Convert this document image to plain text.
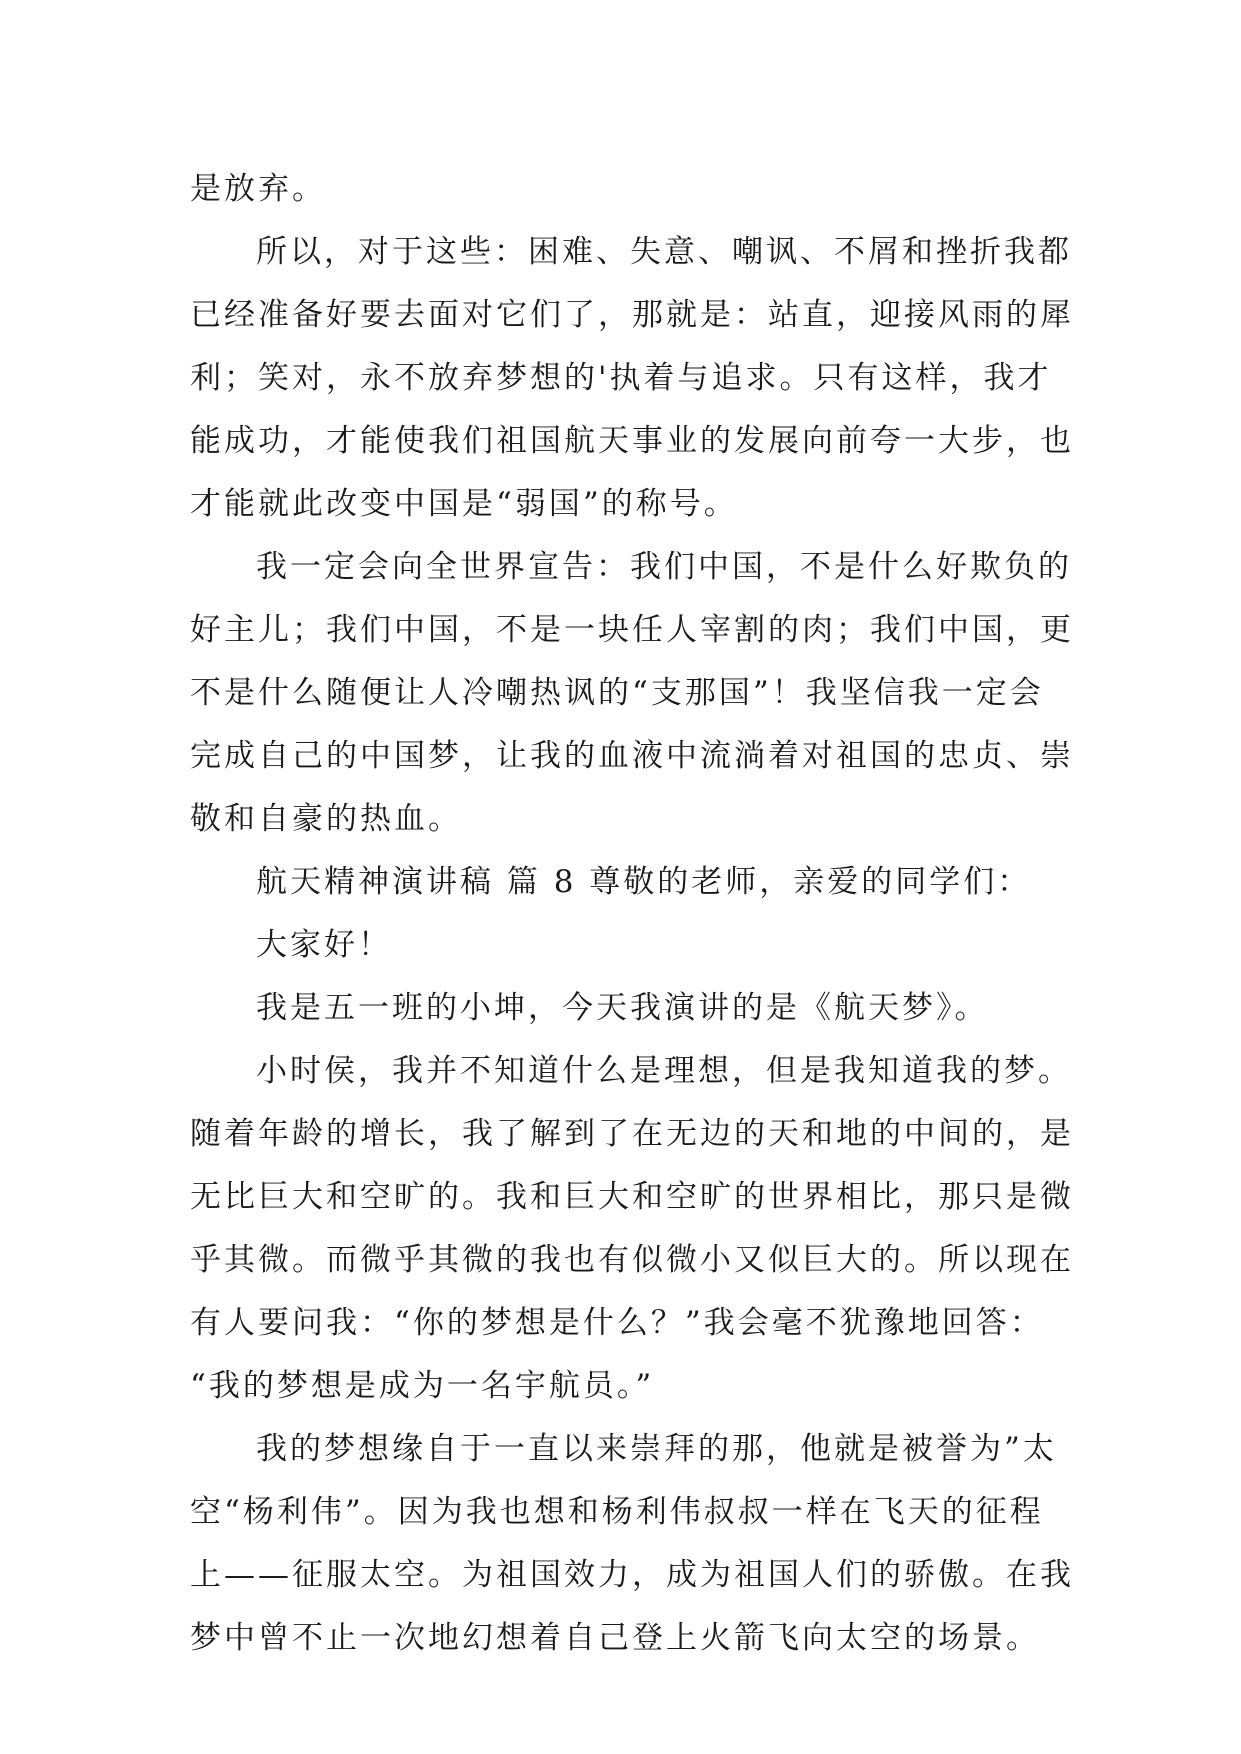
是放弃。
所以，对于这些：困难、失意、嘲讽、不屑和挫折我都
已经准备好要去面对它们了，那就是：站直，迎接风雨的犀
利；笑对，永不放弃梦想的'执着与追求。只有这样，我才
能成功，才能使我们祖国航天事业的发展向前夸一大步，也
才能就此改变中国是“弱国”的称号。
我一定会向全世界宣告：我们中国，不是什么好欺负的
好主儿；我们中国，不是一块任人宰割的肉；我们中国，更
不是什么随便让人冷嘲热讽的“支那国”！我坚信我一定会
完成自己的中国梦，让我的血液中流淌着对祖国的忠贞、崇
敬和自豪的热血。
航天精神演讲稿 篇 8 尊敬的老师，亲爱的同学们：
大家好！
我是五一班的小坤，今天我演讲的是《航天梦》。
小时侯，我并不知道什么是理想，但是我知道我的梦。
随着年龄的增长，我了解到了在无边的天和地的中间的，是
无比巨大和空旷的。我和巨大和空旷的世界相比，那只是微
乎其微。而微乎其微的我也有似微小又似巨大的。所以现在
有人要问我：“你的梦想是什么？”我会毫不犹豫地回答：
“我的梦想是成为一名宇航员。”
我的梦想缘自于一直以来崇拜的那，他就是被誉为”太
空“杨利伟”。因为我也想和杨利伟叔叔一样在飞天的征程
上——征服太空。为祖国效力，成为祖国人们的骄傲。在我
梦中曾不止一次地幻想着自己登上火箭飞向太空的场景。
